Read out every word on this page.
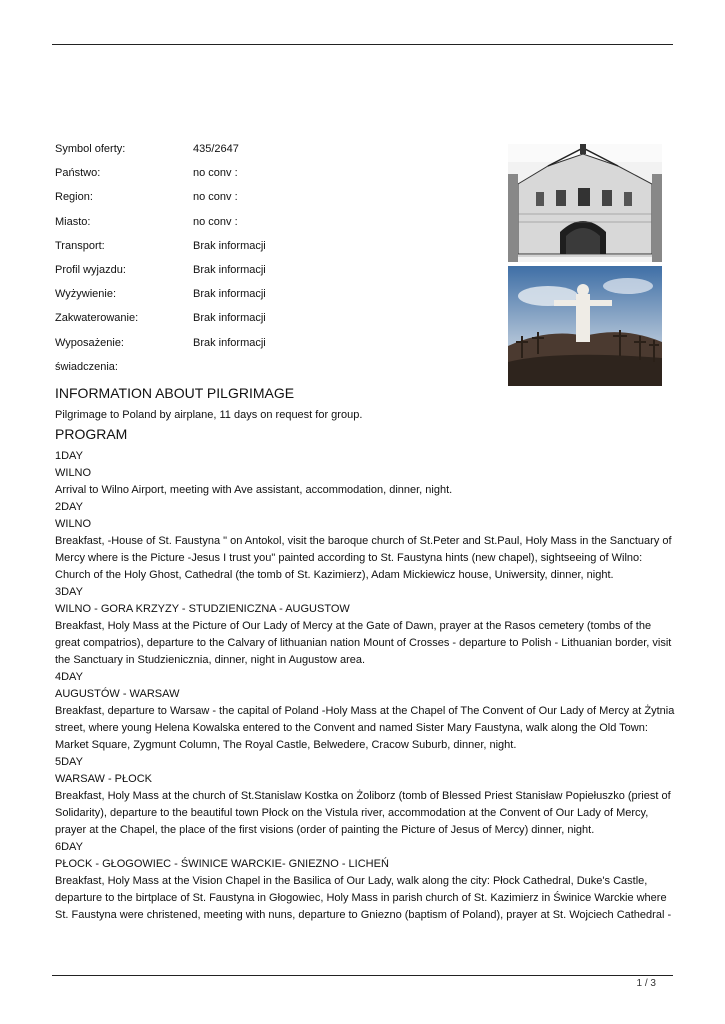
Symbol oferty:	435/2647
Państwo:	no conv :
Region:	no conv :
Miasto:	no conv :
Transport:	Brak informacji
Profil wyjazdu:	Brak informacji
Wyżywienie:	Brak informacji
Zakwaterowanie:	Brak informacji
Wyposażenie:	Brak informacji
świadczenia:
INFORMATION ABOUT PILGRIMAGE
Pilgrimage to Poland by airplane, 11 days on request for group.
PROGRAM

1DAY

WILNO

Arrival to Wilno Airport, meeting with Ave assistant, accommodation, dinner, night.

2DAY

WILNO

Breakfast, -House of St. Faustyna " on Antokol, visit the baroque church of St.Peter and St.Paul, Holy Mass in the Sanctuary of Mercy where is the Picture -Jesus I trust you" painted according to St. Faustyna hints (new chapel), sightseeing of Wilno: Church of the Holy Ghost, Cathedral (the tomb of St. Kazimierz), Adam Mickiewicz house, Uniwersity, dinner, night.

3DAY

WILNO - GORA KRZYZY - STUDZIENICZNA - AUGUSTOW

Breakfast, Holy Mass at the Picture of Our Lady of Mercy at the Gate of Dawn, prayer at the Rasos cemetery (tombs of the great compatrios), departure to the Calvary of lithuanian nation Mount of Crosses - departure to Polish - Lithuanian border, visit the Sanctuary in Studzienicznia, dinner, night in Augustow area.

4DAY

AUGUSTÓW - WARSAW

Breakfast, departure to Warsaw - the capital of Poland -Holy Mass at the Chapel of The Convent of Our Lady of Mercy at Żytnia street, where young Helena Kowalska entered to the Convent and named Sister Mary Faustyna, walk along the Old Town: Market Square, Zygmunt Column, The Royal Castle, Belwedere, Cracow Suburb, dinner, night.

5DAY

WARSAW - PŁOCK

Breakfast, Holy Mass at the church of St.Stanislaw Kostka on Żoliborz (tomb of Blessed Priest Stanisław Popiełuszko (priest of Solidarity), departure to the beautiful town Płock on the Vistula river, accommodation at the Convent of Our Lady of Mercy, prayer at the Chapel, the place of the first visions (order of painting the Picture of Jesus of Mercy) dinner, night.

6DAY

PŁOCK - GŁOGOWIEC - ŚWINICE WARCKIE- GNIEZNO - LICHEŃ

Breakfast, Holy Mass at the Vision Chapel in the Basilica of Our Lady, walk along the city: Płock Cathedral, Duke's Castle, departure to the birtplace of St. Faustyna in Głogowiec, Holy Mass in parish church of St. Kazimierz in Świnice Warckie where St. Faustyna were christened, meeting with nuns, departure to Gniezno (baptism of Poland), prayer at St. Wojciech Cathedral -

1 / 3
